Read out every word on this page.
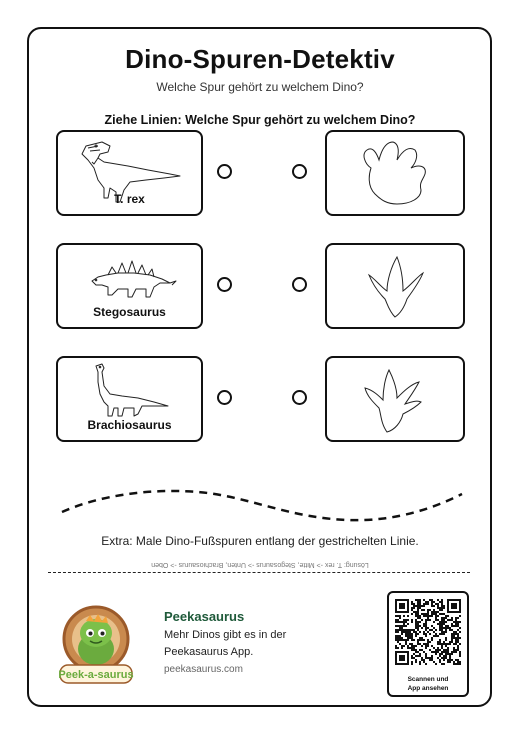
Dino-Spuren-Detektiv
Welche Spur gehört zu welchem Dino?
Ziehe Linien: Welche Spur gehört zu welchem Dino?
T. rex
Stegosaurus
Brachiosaurus
Extra: Male Dino-Fußspuren entlang der gestrichelten Linie.
Lösung: T. rex -> Mitte, Stegosaurus -> Unten, Brachiosaurus -> Oben
Peek-a-saurus
Peekasaurus
Mehr Dinos gibt es in der
Peekasaurus App.
peekasaurus.com
Scannen und
App ansehen
